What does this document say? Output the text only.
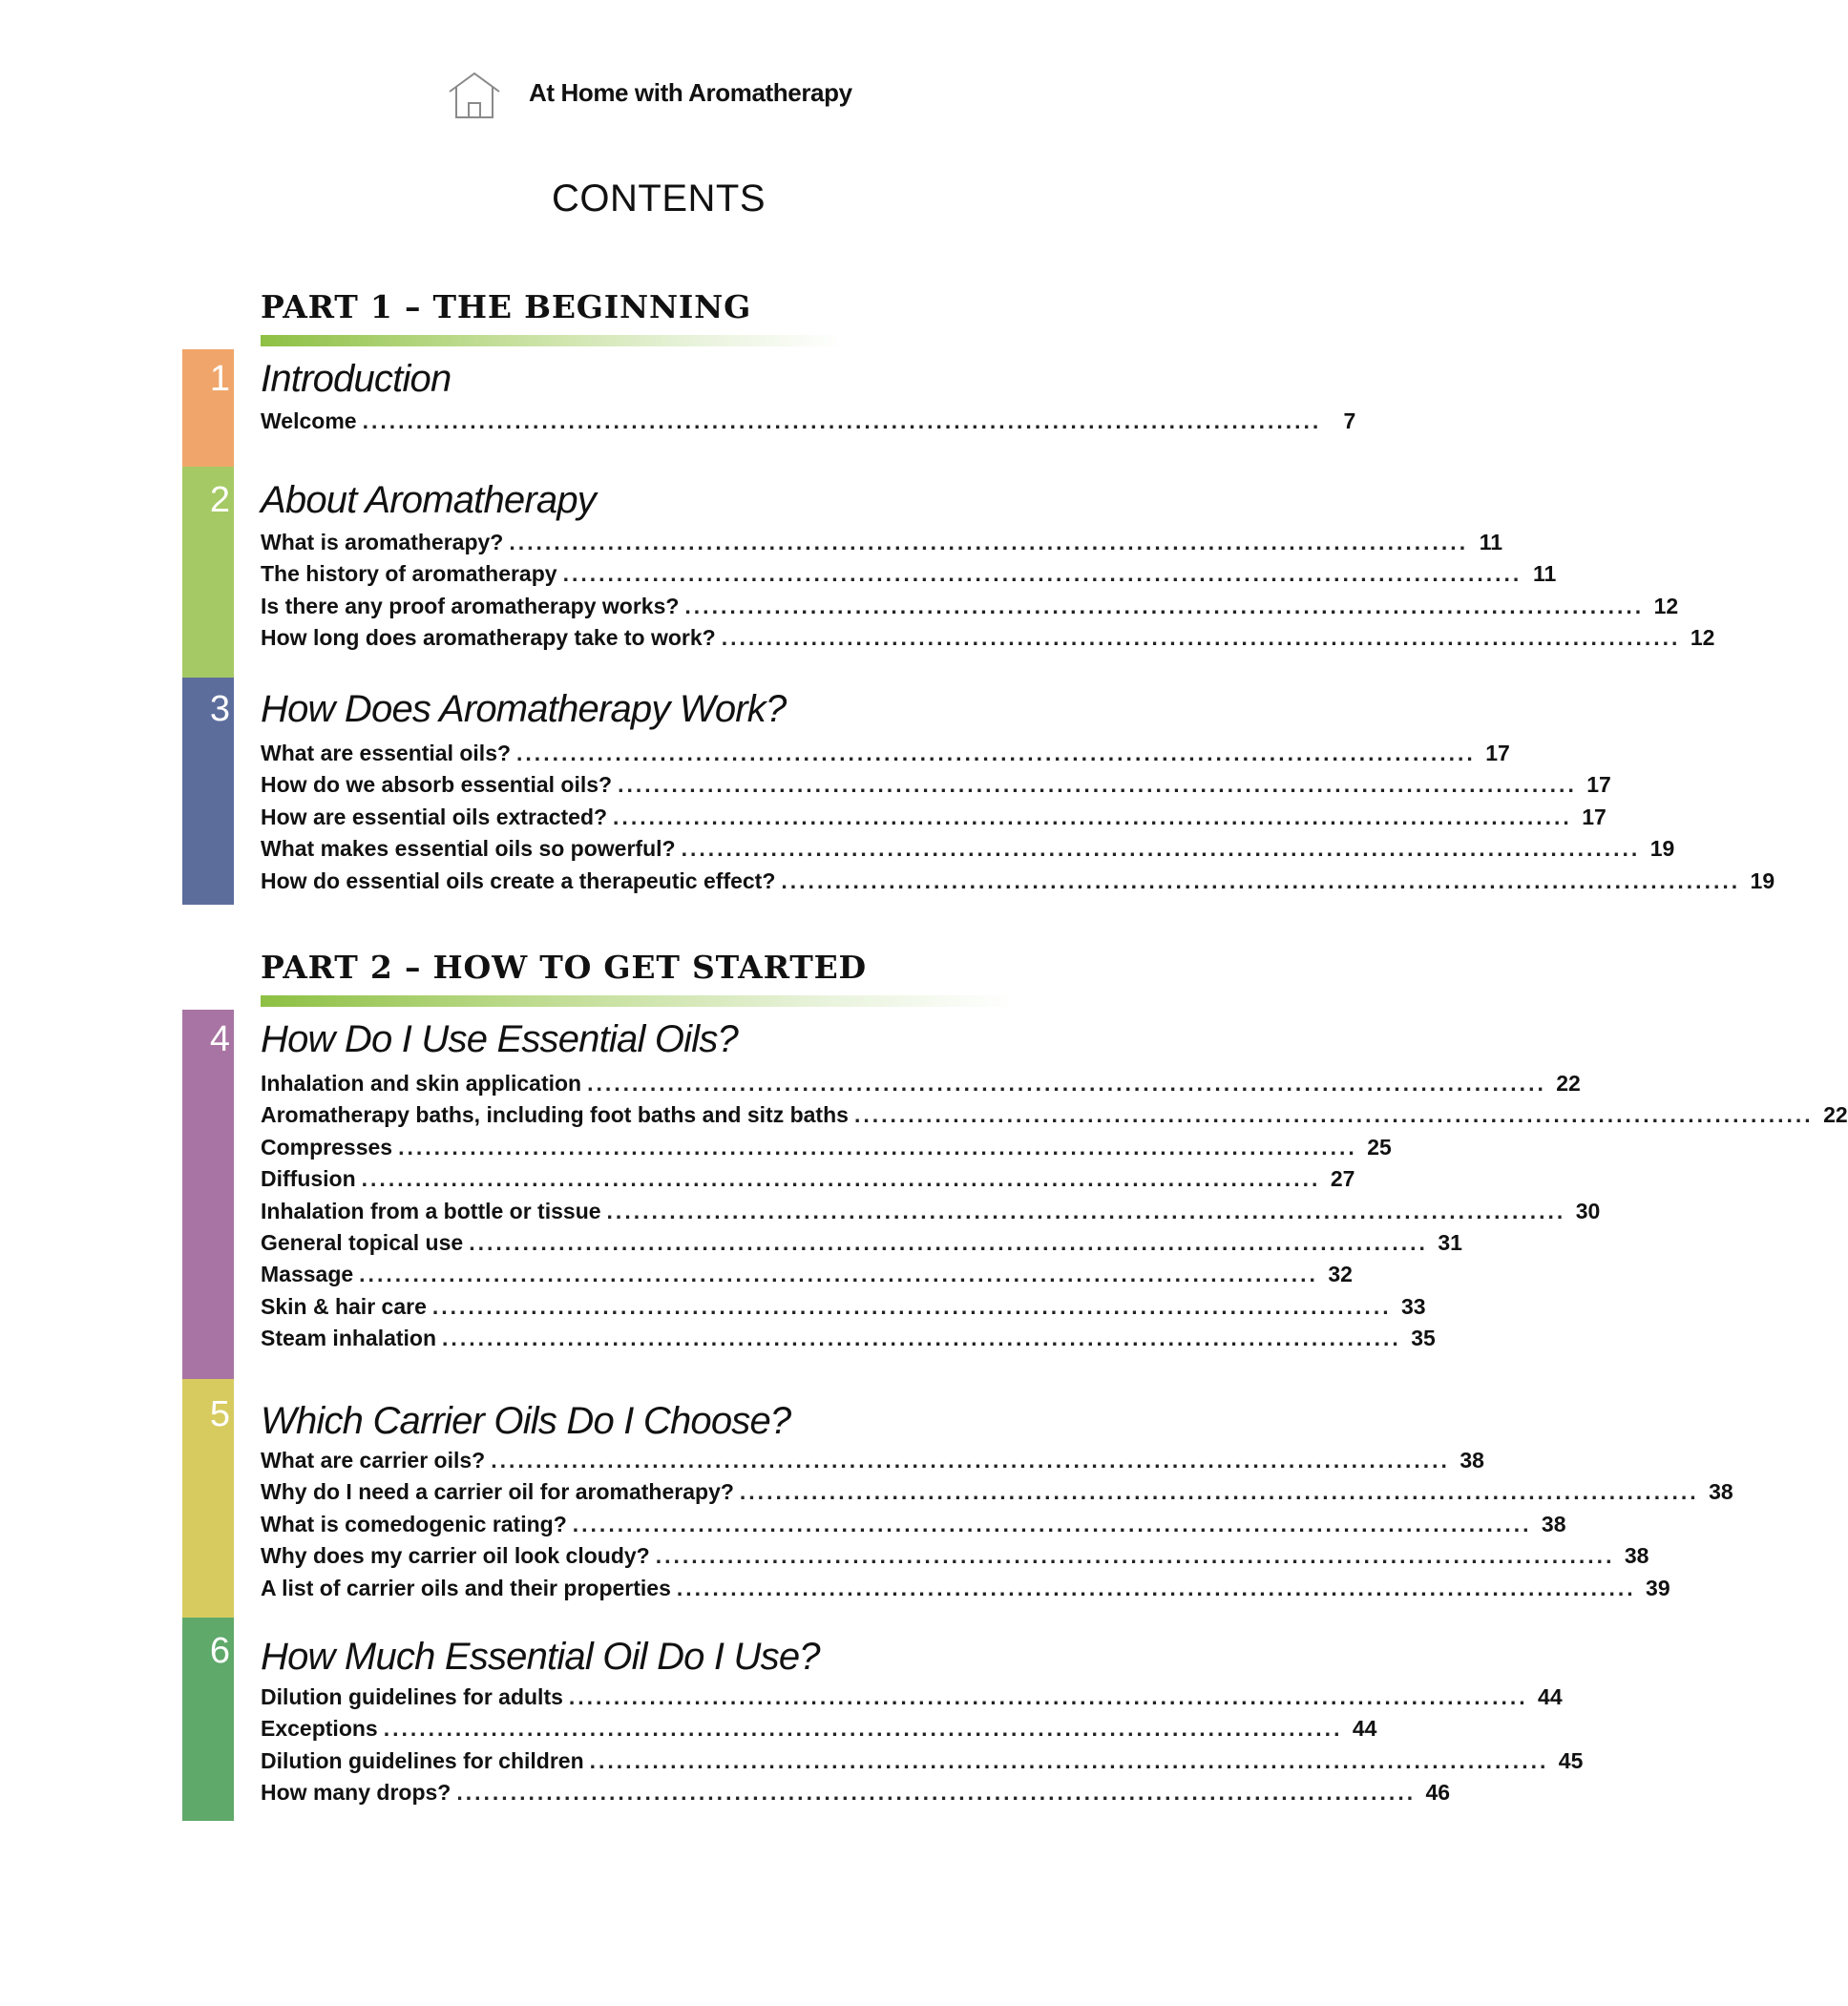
At Home with Aromatherapy
CONTENTS
PART 1 – THE BEGINNING
1 Introduction
Welcome ...........................................................................................................	7
2 About Aromatherapy
What is aromatherapy? ........................................................................................................... 11
The history of aromatherapy ........................................................................................................... 11
Is there any proof aromatherapy works? ........................................................................................................... 12
How long does aromatherapy take to work? ........................................................................................................... 12
3 How Does Aromatherapy Work?
What are essential oils? ........................................................................................................... 17
How do we absorb essential oils? ........................................................................................................... 17
How are essential oils extracted? ........................................................................................................... 17
What makes essential oils so powerful? ........................................................................................................... 19
How do essential oils create a therapeutic effect? ........................................................................................................... 19
PART 2 – HOW TO GET STARTED
4 How Do I Use Essential Oils?
Inhalation and skin application ........................................................................................................... 22
Aromatherapy baths, including foot baths and sitz baths ........................................................................................................... 22
Compresses ........................................................................................................... 25
Diffusion ........................................................................................................... 27
Inhalation from a bottle or tissue ........................................................................................................... 30
General topical use ........................................................................................................... 31
Massage ........................................................................................................... 32
Skin & hair care ........................................................................................................... 33
Steam inhalation ........................................................................................................... 35
5 Which Carrier Oils Do I Choose?
What are carrier oils? ........................................................................................................... 38
Why do I need a carrier oil for aromatherapy? ........................................................................................................... 38
What is comedogenic rating? ........................................................................................................... 38
Why does my carrier oil look cloudy? ........................................................................................................... 38
A list of carrier oils and their properties ........................................................................................................... 39
6 How Much Essential Oil Do I Use?
Dilution guidelines for adults ........................................................................................................... 44
Exceptions ........................................................................................................... 44
Dilution guidelines for children ........................................................................................................... 45
How many drops? ........................................................................................................... 46
